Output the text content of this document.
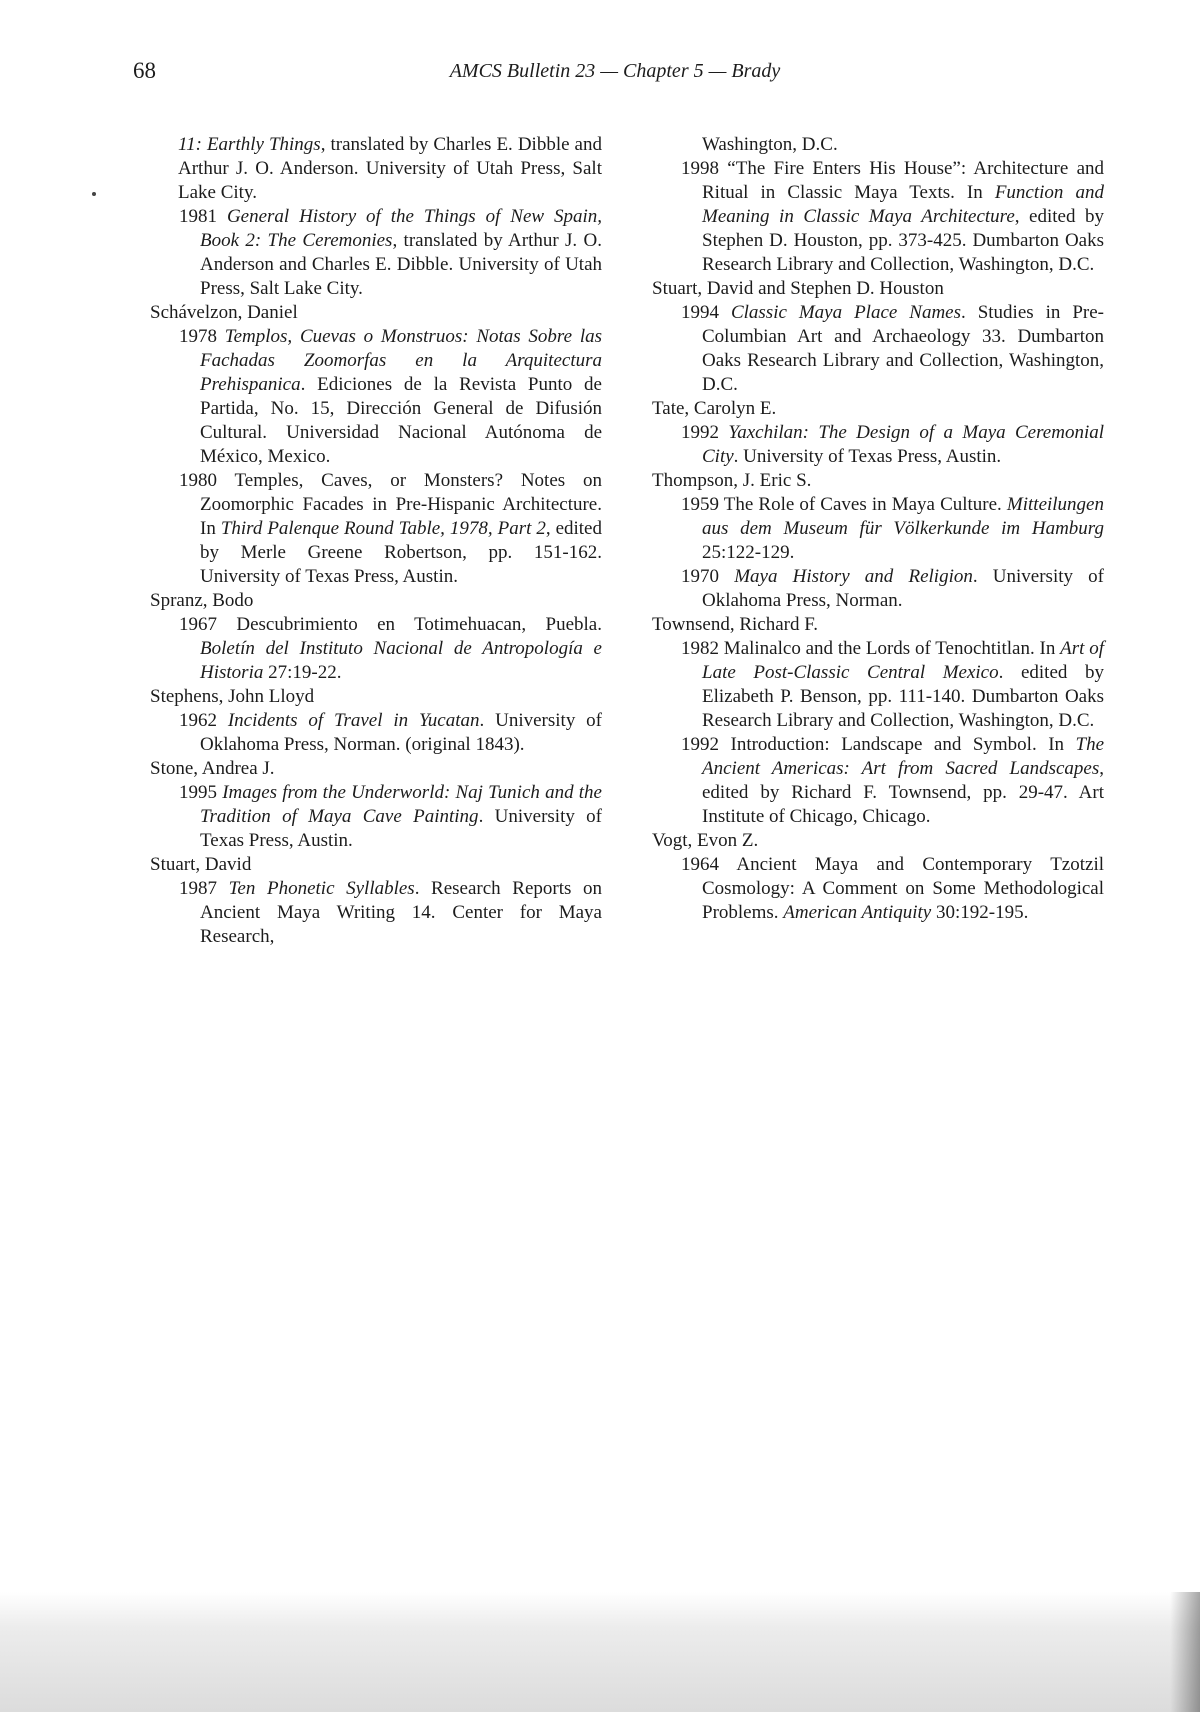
68	AMCS Bulletin 23 — Chapter 5 — Brady

11: Earthly Things, translated by Charles E. Dibble and Arthur J. O. Anderson. University of Utah Press, Salt Lake City.

1981 General History of the Things of New Spain, Book 2: The Ceremonies, translated by Arthur J. O. Anderson and Charles E. Dibble. University of Utah Press, Salt Lake City.

Schávelzon, Daniel

1978 Templos, Cuevas o Monstruos: Notas Sobre las Fachadas Zoomorfas en la Arquitectura Prehispanica. Ediciones de la Revista Punto de Partida, No. 15, Dirección General de Difusión Cultural. Universidad Nacional Autónoma de México, Mexico.

1980 Temples, Caves, or Monsters? Notes on Zoomorphic Facades in Pre-Hispanic Architecture. In Third Palenque Round Table, 1978, Part 2, edited by Merle Greene Robertson, pp. 151-162. University of Texas Press, Austin.

Spranz, Bodo

1967 Descubrimiento en Totimehuacan, Puebla. Boletín del Instituto Nacional de Antropología e Historia 27:19-22.

Stephens, John Lloyd

1962 Incidents of Travel in Yucatan. University of Oklahoma Press, Norman. (original 1843).

Stone, Andrea J.

1995 Images from the Underworld: Naj Tunich and the Tradition of Maya Cave Painting. University of Texas Press, Austin.

Stuart, David

1987 Ten Phonetic Syllables. Research Reports on Ancient Maya Writing 14. Center for Maya Research,

Washington, D.C.

1998 “The Fire Enters His House”: Architecture and Ritual in Classic Maya Texts. In Function and Meaning in Classic Maya Architecture, edited by Stephen D. Houston, pp. 373-425. Dumbarton Oaks Research Library and Collection, Washington, D.C.

Stuart, David and Stephen D. Houston

1994 Classic Maya Place Names. Studies in Pre-Columbian Art and Archaeology 33. Dumbarton Oaks Research Library and Collection, Washington, D.C.

Tate, Carolyn E.

1992 Yaxchilan: The Design of a Maya Ceremonial City. University of Texas Press, Austin.

Thompson, J. Eric S.

1959 The Role of Caves in Maya Culture. Mitteilungen aus dem Museum für Völkerkunde im Hamburg 25:122-129.

1970 Maya History and Religion. University of Oklahoma Press, Norman.

Townsend, Richard F.

1982 Malinalco and the Lords of Tenochtitlan. In Art of Late Post-Classic Central Mexico. edited by Elizabeth P. Benson, pp. 111-140. Dumbarton Oaks Research Library and Collection, Washington, D.C.

1992 Introduction: Landscape and Symbol. In The Ancient Americas: Art from Sacred Landscapes, edited by Richard F. Townsend, pp. 29-47. Art Institute of Chicago, Chicago.

Vogt, Evon Z.

1964 Ancient Maya and Contemporary Tzotzil Cosmology: A Comment on Some Methodological Problems. American Antiquity 30:192-195.
